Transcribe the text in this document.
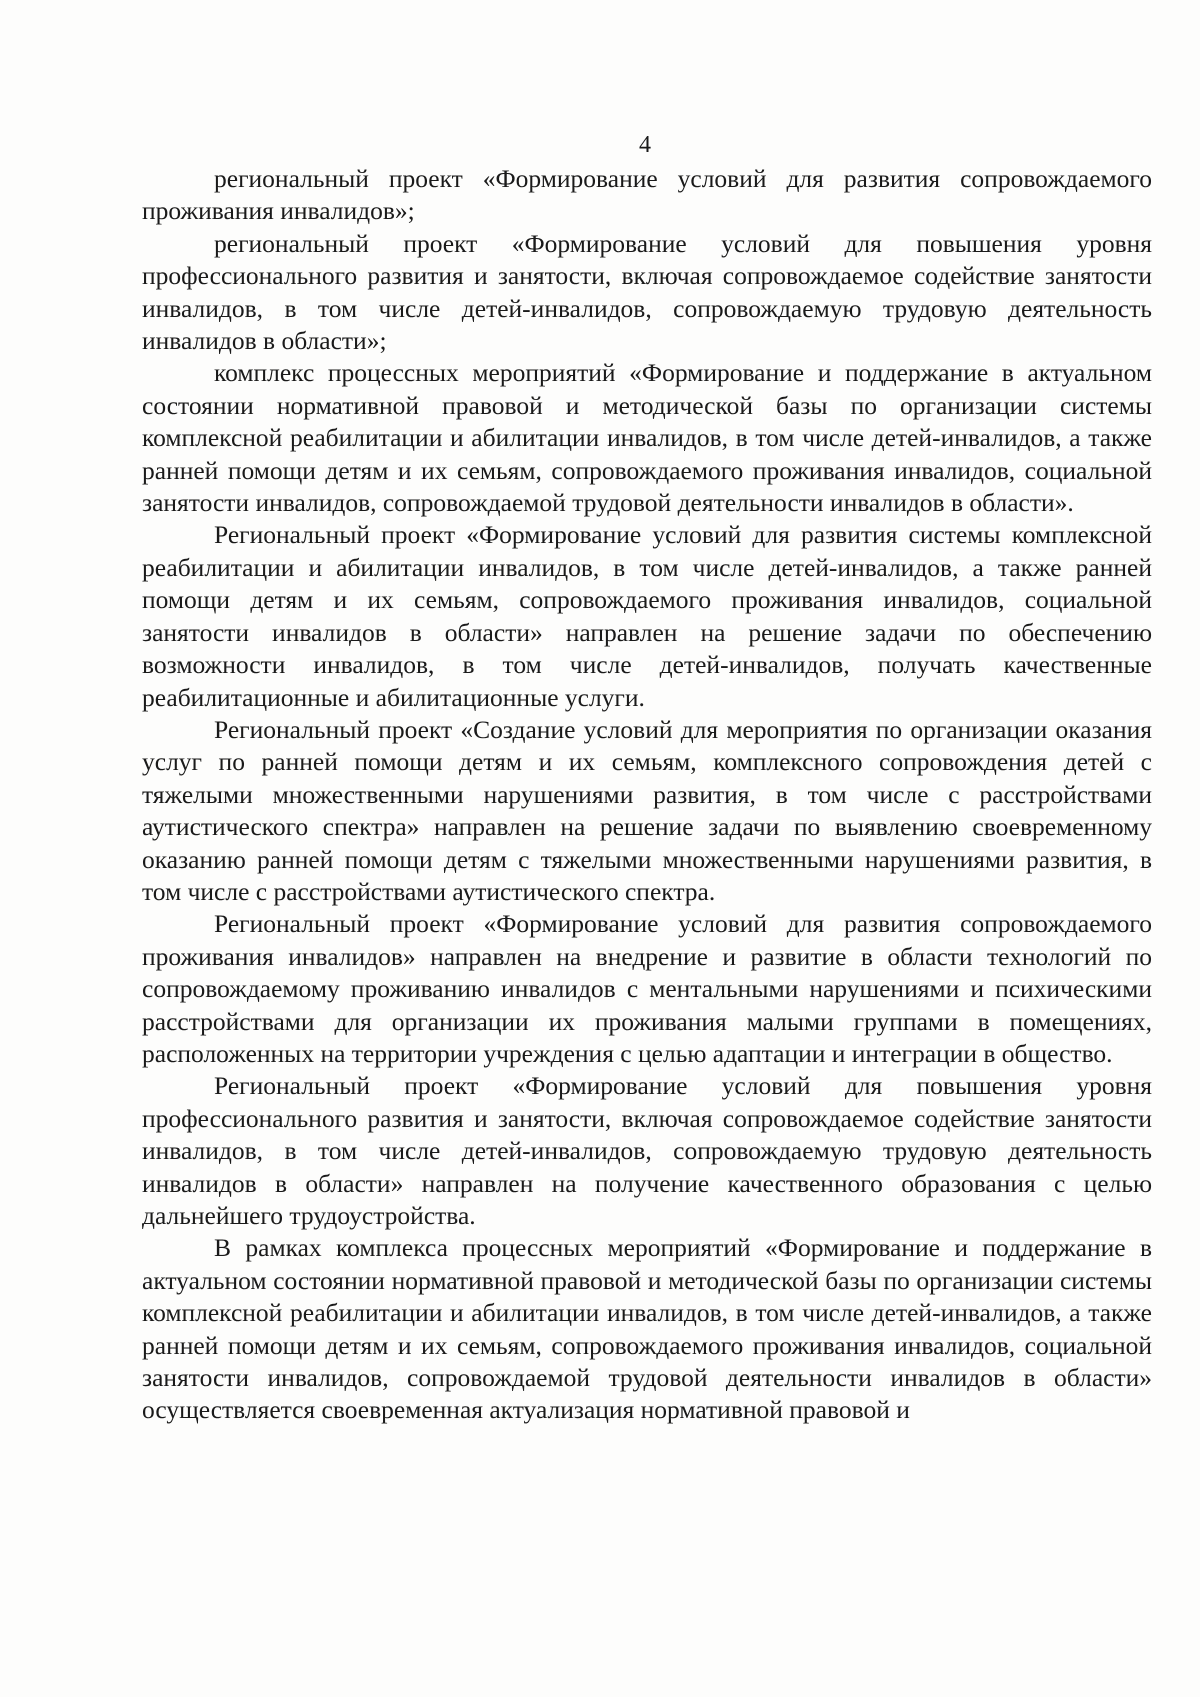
4

региональный проект «Формирование условий для развития сопровождаемого проживания инвалидов»;

региональный проект «Формирование условий для повышения уровня профессионального развития и занятости, включая сопровождаемое содействие занятости инвалидов, в том числе детей-инвалидов, сопровождаемую трудовую деятельность инвалидов в области»;

комплекс процессных мероприятий «Формирование и поддержание в актуальном состоянии нормативной правовой и методической базы по организации системы комплексной реабилитации и абилитации инвалидов, в том числе детей-инвалидов, а также ранней помощи детям и их семьям, сопровождаемого проживания инвалидов, социальной занятости инвалидов, сопровождаемой трудовой деятельности инвалидов в области».

Региональный проект «Формирование условий для развития системы комплексной реабилитации и абилитации инвалидов, в том числе детей-инвалидов, а также ранней помощи детям и их семьям, сопровождаемого проживания инвалидов, социальной занятости инвалидов в области» направлен на решение задачи по обеспечению возможности инвалидов, в том числе детей-инвалидов, получать качественные реабилитационные и абилитационные услуги.

Региональный проект «Создание условий для мероприятия по организации оказания услуг по ранней помощи детям и их семьям, комплексного сопровождения детей с тяжелыми множественными нарушениями развития, в том числе с расстройствами аутистического спектра» направлен на решение задачи по выявлению своевременному оказанию ранней помощи детям с тяжелыми множественными нарушениями развития, в том числе с расстройствами аутистического спектра.

Региональный проект «Формирование условий для развития сопровождаемого проживания инвалидов» направлен на внедрение и развитие в области технологий по сопровождаемому проживанию инвалидов с ментальными нарушениями и психическими расстройствами для организации их проживания малыми группами в помещениях, расположенных на территории учреждения с целью адаптации и интеграции в общество.

Региональный проект «Формирование условий для повышения уровня профессионального развития и занятости, включая сопровождаемое содействие занятости инвалидов, в том числе детей-инвалидов, сопровождаемую трудовую деятельность инвалидов в области» направлен на получение качественного образования с целью дальнейшего трудоустройства.

В рамках комплекса процессных мероприятий «Формирование и поддержание в актуальном состоянии нормативной правовой и методической базы по организации системы комплексной реабилитации и абилитации инвалидов, в том числе детей-инвалидов, а также ранней помощи детям и их семьям, сопровождаемого проживания инвалидов, социальной занятости инвалидов, сопровождаемой трудовой деятельности инвалидов в области» осуществляется своевременная актуализация нормативной правовой и
